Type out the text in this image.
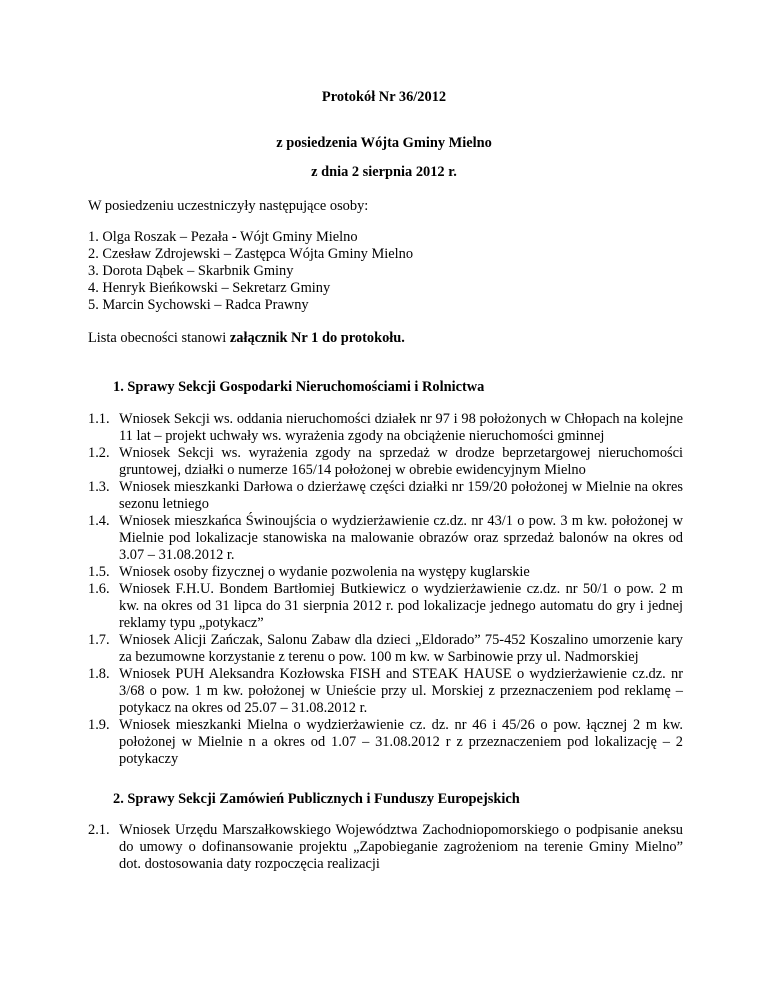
Protokół Nr 36/2012
z posiedzenia Wójta Gminy Mielno
z dnia 2 sierpnia 2012 r.
W posiedzeniu uczestniczyły następujące osoby:
1. Olga Roszak – Pezała - Wójt Gminy Mielno
2. Czesław Zdrojewski – Zastępca Wójta Gminy Mielno
3. Dorota Dąbek – Skarbnik Gminy
4. Henryk Bieńkowski – Sekretarz Gminy
5. Marcin Sychowski – Radca Prawny
Lista obecności stanowi załącznik Nr 1 do protokołu.
1. Sprawy Sekcji Gospodarki Nieruchomościami i Rolnictwa
1.1. Wniosek Sekcji ws. oddania nieruchomości działek nr 97 i 98 położonych w Chłopach na kolejne 11 lat – projekt uchwały ws. wyrażenia zgody na obciążenie nieruchomości gminnej
1.2. Wniosek Sekcji ws. wyrażenia zgody na sprzedaż w drodze beprzetargowej nieruchomości gruntowej, działki o numerze 165/14 położonej w obrebie ewidencyjnym Mielno
1.3. Wniosek mieszkanki Darłowa o dzierżawę części działki nr 159/20 położonej w Mielnie na okres sezonu letniego
1.4. Wniosek mieszkańca Świnoujścia o wydzierżawienie cz.dz. nr 43/1 o pow. 3 m kw. położonej w Mielnie pod lokalizacje stanowiska na malowanie obrazów oraz sprzedaż balonów na okres od 3.07 – 31.08.2012 r.
1.5. Wniosek osoby fizycznej o wydanie pozwolenia na występy kuglarskie
1.6. Wniosek F.H.U. Bondem Bartłomiej Butkiewicz o wydzierżawienie cz.dz. nr 50/1 o pow. 2 m kw. na okres od 31 lipca do 31 sierpnia 2012 r. pod lokalizacje jednego automatu do gry i jednej reklamy typu „potykacz”
1.7. Wniosek Alicji Zańczak, Salonu Zabaw dla dzieci „Eldorado” 75-452 Koszalino umorzenie kary za bezumowne korzystanie z terenu o pow. 100 m kw. w Sarbinowie przy ul. Nadmorskiej
1.8. Wniosek PUH Aleksandra Kozłowska FISH and STEAK HAUSE o wydzierżawienie cz.dz. nr 3/68 o pow. 1 m kw. położonej w Unieście przy ul. Morskiej z przeznaczeniem pod reklamę – potykacz na okres od 25.07 – 31.08.2012 r.
1.9. Wniosek mieszkanki Mielna o wydzierżawienie cz. dz. nr 46 i 45/26 o pow. łącznej 2 m kw. położonej w Mielnie n a okres od 1.07 – 31.08.2012 r z przeznaczeniem pod lokalizację – 2 potykaczy
2. Sprawy Sekcji Zamówień Publicznych i Funduszy Europejskich
2.1. Wniosek Urzędu Marszałkowskiego Województwa Zachodniopomorskiego o podpisanie aneksu do umowy o dofinansowanie projektu „Zapobieganie zagrożeniom na terenie Gminy Mielno” dot. dostosowania daty rozpoczęcia realizacji
